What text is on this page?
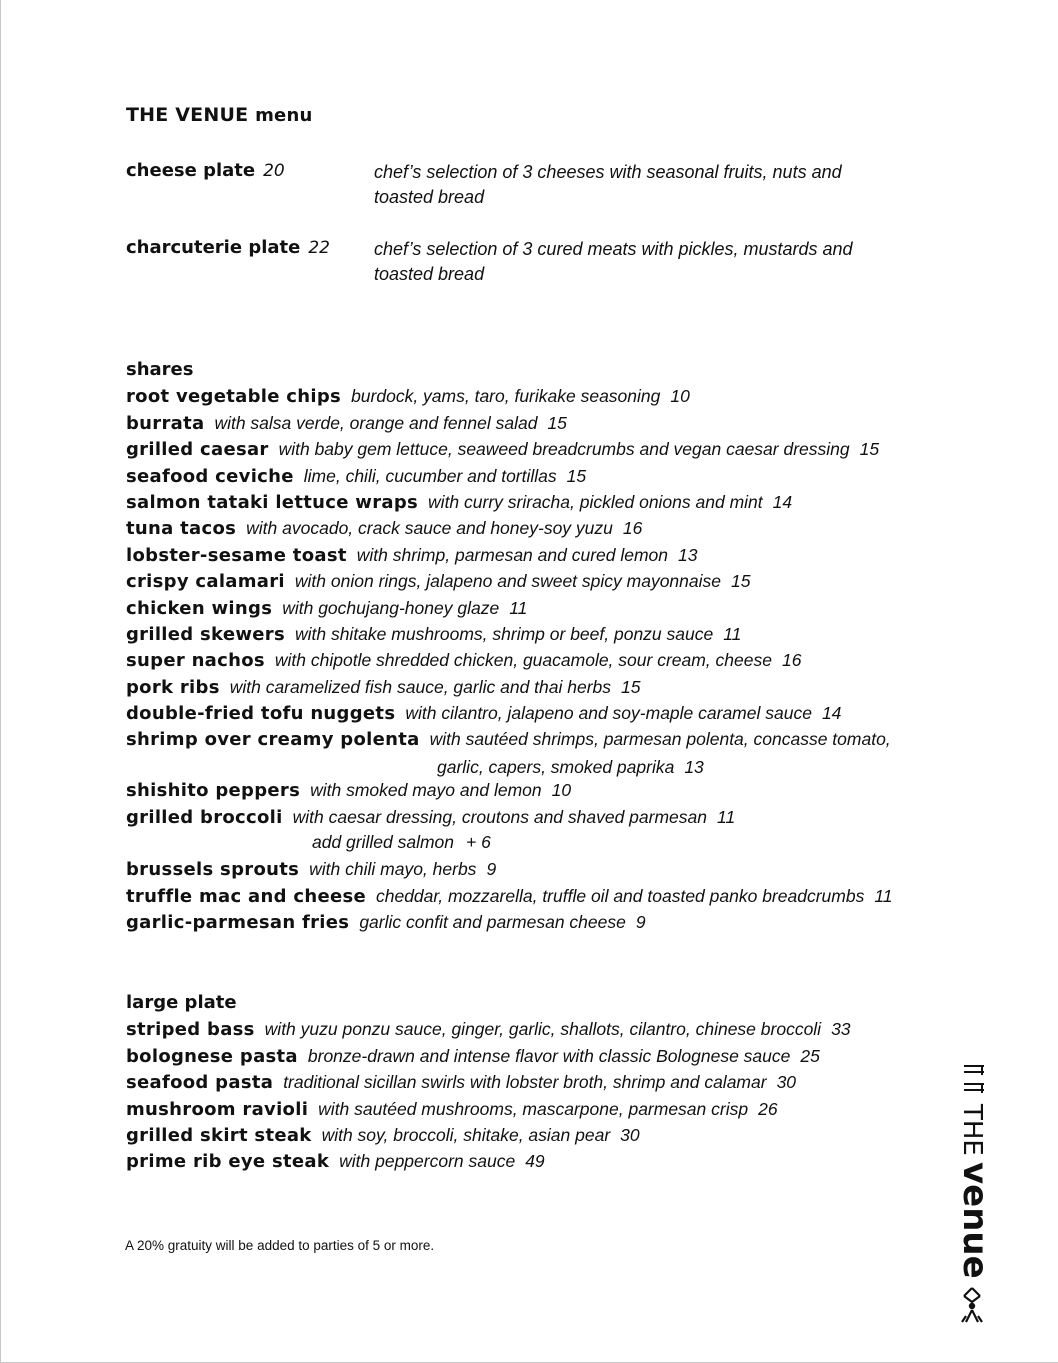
THE VENUE menu
cheese plate 20	chef’s selection of 3 cheeses with seasonal fruits, nuts and toasted bread
charcuterie plate 22 chef’s selection of 3 cured meats with pickles, mustards and toasted bread
shares
root vegetable chips burdock, yams, taro, furikake seasoning 10
burrata with salsa verde, orange and fennel salad 15
grilled caesar with baby gem lettuce, seaweed breadcrumbs and vegan caesar dressing 15
seafood ceviche lime, chili, cucumber and tortillas 15
salmon tataki lettuce wraps with curry sriracha, pickled onions and mint 14
tuna tacos with avocado, crack sauce and honey-soy yuzu 16
lobster-sesame toast with shrimp, parmesan and cured lemon 13
crispy calamari with onion rings, jalapeno and sweet spicy mayonnaise 15
chicken wings with gochujang-honey glaze 11
grilled skewers with shitake mushrooms, shrimp or beef, ponzu sauce 11
super nachos with chipotle shredded chicken, guacamole, sour cream, cheese 16
pork ribs with caramelized fish sauce, garlic and thai herbs 15
double-fried tofu nuggets with cilantro, jalapeno and soy-maple caramel sauce 14
shrimp over creamy polenta with sautéed shrimps, parmesan polenta, concasse tomato,
garlic, capers, smoked paprika 13
shishito peppers with smoked mayo and lemon 10
grilled broccoli with caesar dressing, croutons and shaved parmesan 11
add grilled salmon + 6
brussels sprouts with chili mayo, herbs 9
truffle mac and cheese cheddar, mozzarella, truffle oil and toasted panko breadcrumbs 11
garlic-parmesan fries garlic confit and parmesan cheese 9
large plate
striped bass with yuzu ponzu sauce, ginger, garlic, shallots, cilantro, chinese broccoli 33
bolognese pasta bronze-drawn and intense flavor with classic Bolognese sauce 25
seafood pasta traditional sicillan swirls with lobster broth, shrimp and calamar 30
mushroom ravioli with sautéed mushrooms, mascarpone, parmesan crisp 26
grilled skirt steak with soy, broccoli, shitake, asian pear 30
prime rib eye steak with peppercorn sauce 49
A 20% gratuity will be added to parties of 5 or more.
THE
venue
